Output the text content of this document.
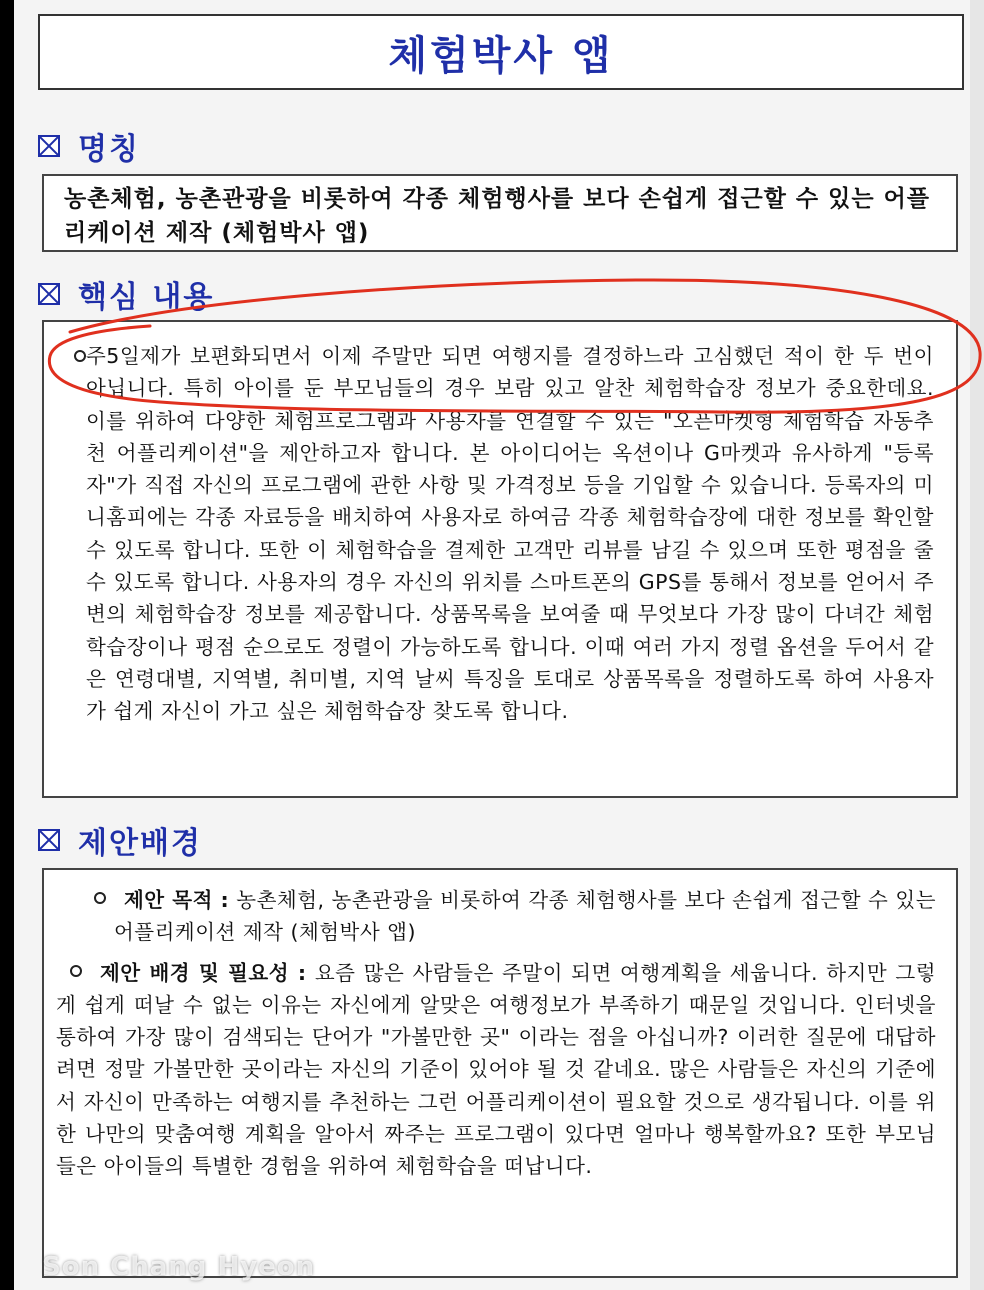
체험박사 앱
명칭
농촌체험, 농촌관광을 비롯하여 각종 체험행사를 보다 손쉽게 접근할 수 있는 어플리케이션 제작 (체험박사 앱)
핵심 내용
주5일제가 보편화되면서 이제 주말만 되면 여행지를 결정하느라 고심했던 적이 한 두 번이 아닙니다. 특히 아이를 둔 부모님들의 경우 보람 있고 알찬 체험학습장 정보가 중요한데요. 이를 위하여 다양한 체험프로그램과 사용자를 연결할 수 있는 "오픈마켓형 체험학습 자동추천 어플리케이션"을 제안하고자 합니다. 본 아이디어는 옥션이나 G마켓과 유사하게 "등록자"가 직접 자신의 프로그램에 관한 사항 및 가격정보 등을 기입할 수 있습니다. 등록자의 미니홈피에는 각종 자료등을 배치하여 사용자로 하여금 각종 체험학습장에 대한 정보를 확인할 수 있도록 합니다. 또한 이 체험학습을 결제한 고객만 리뷰를 남길 수 있으며 또한 평점을 줄 수 있도록 합니다. 사용자의 경우 자신의 위치를 스마트폰의 GPS를 통해서 정보를 얻어서 주변의 체험학습장 정보를 제공합니다. 상품목록을 보여줄 때 무엇보다 가장 많이 다녀간 체험학습장이나 평점 순으로도 정렬이 가능하도록 합니다. 이때 여러 가지 정렬 옵션을 두어서 같은 연령대별, 지역별, 취미별, 지역 날씨 특징을 토대로 상품목록을 정렬하도록 하여 사용자가 쉽게 자신이 가고 싶은 체험학습장 찾도록 합니다.
제안배경
제안 목적 : 농촌체험, 농촌관광을 비롯하여 각종 체험행사를 보다 손쉽게 접근할 수 있는 어플리케이션 제작 (체험박사 앱)
제안 배경 및 필요성 : 요즘 많은 사람들은 주말이 되면 여행계획을 세웁니다. 하지만 그렇게 쉽게 떠날 수 없는 이유는 자신에게 알맞은 여행정보가 부족하기 때문일 것입니다. 인터넷을 통하여 가장 많이 검색되는 단어가 "가볼만한 곳" 이라는 점을 아십니까? 이러한 질문에 대답하려면 정말 가볼만한 곳이라는 자신의 기준이 있어야 될 것 같네요. 많은 사람들은 자신의 기준에서 자신이 만족하는 여행지를 추천하는 그런 어플리케이션이 필요할 것으로 생각됩니다. 이를 위한 나만의 맞춤여행 계획을 알아서 짜주는 프로그램이 있다면 얼마나 행복할까요? 또한 부모님들은 아이들의 특별한 경험을 위하여 체험학습을 떠납니다.
Son Chang Hyeon
